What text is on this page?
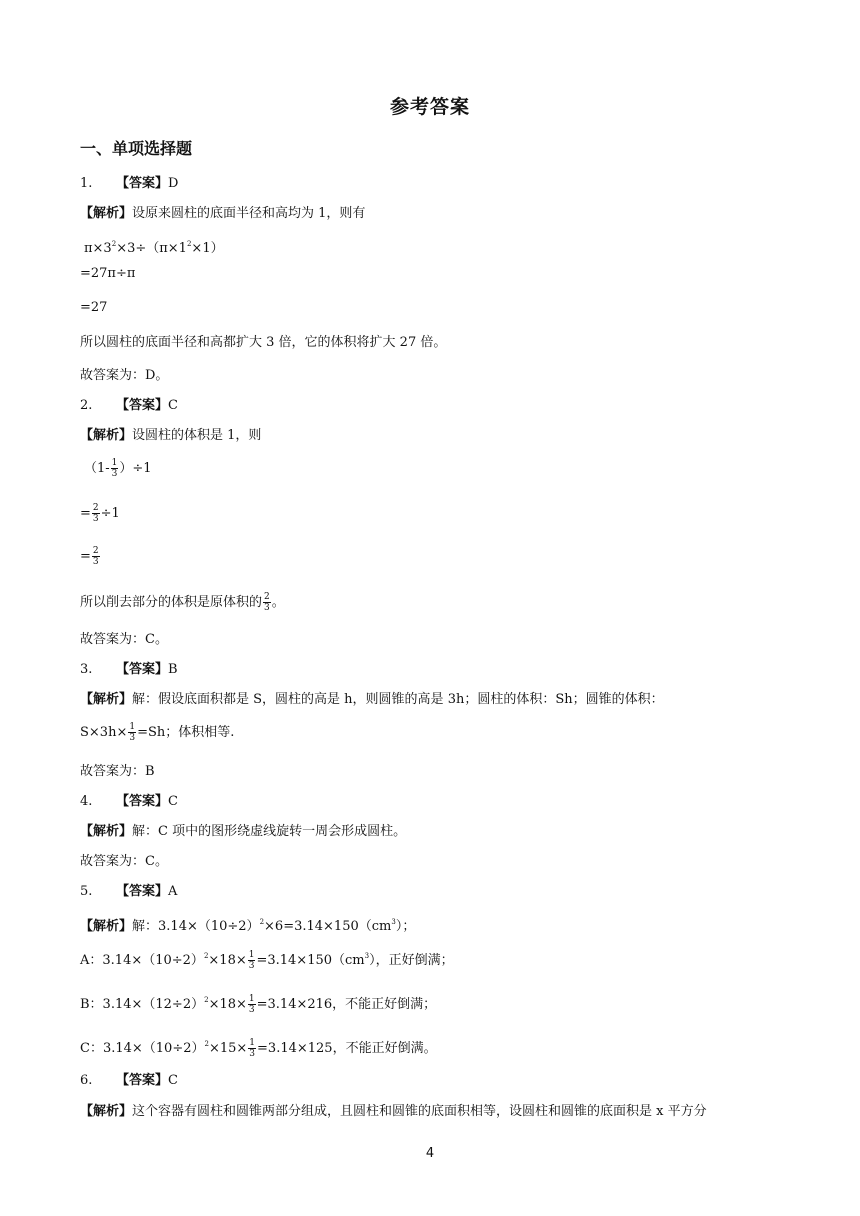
参考答案
一、单项选择题
1. 【答案】D
【解析】设原来圆柱的底面半径和高均为 1，则有
$\pi\times 3^2\times 3\div(\pi\times 1^2\times 1)$
=27π÷π
=27
所以圆柱的底面半径和高都扩大 3 倍，它的体积将扩大 27 倍。
故答案为：D。
2. 【答案】C
【解析】设圆柱的体积是 1，则
$(1- \frac{1}{3} )\div 1$
= $\frac{2}{3} \div 1$
= $\frac{2}{3}$
所以削去部分的体积是原体积的 $\frac{2}{3}$ 。
故答案为：C。
3. 【答案】B
【解析】解：假设底面积都是 S，圆柱的高是 h，则圆锥的高是 3h；圆柱的体积：Sh；圆锥的体积：
$S\times 3h\times \frac{1}{3} =Sh$；体积相等.
故答案为：B
4. 【答案】C
【解析】解：C 项中的图形绕虚线旋转一周会形成圆柱。
故答案为：C。
5. 【答案】A
【解析】解：$3.14\times(10\div 2)^2\times 6=3.14\times 150(cm^3)$；
A：$3.14\times(10\div 2)^2\times 18\times \frac{1}{3} =3.14\times 150(cm^3)$，正好倒满；
B：$3.14\times(12\div 2)^2\times 18\times \frac{1}{3} =3.14\times 216$，不能正好倒满；
C：$3.14\times(10\div 2)^2\times 15\times \frac{1}{3} =3.14\times 125$，不能正好倒满。
6. 【答案】C
【解析】这个容器有圆柱和圆锥两部分组成，且圆柱和圆锥的底面积相等，设圆柱和圆锥的底面积是 x 平方分
4
